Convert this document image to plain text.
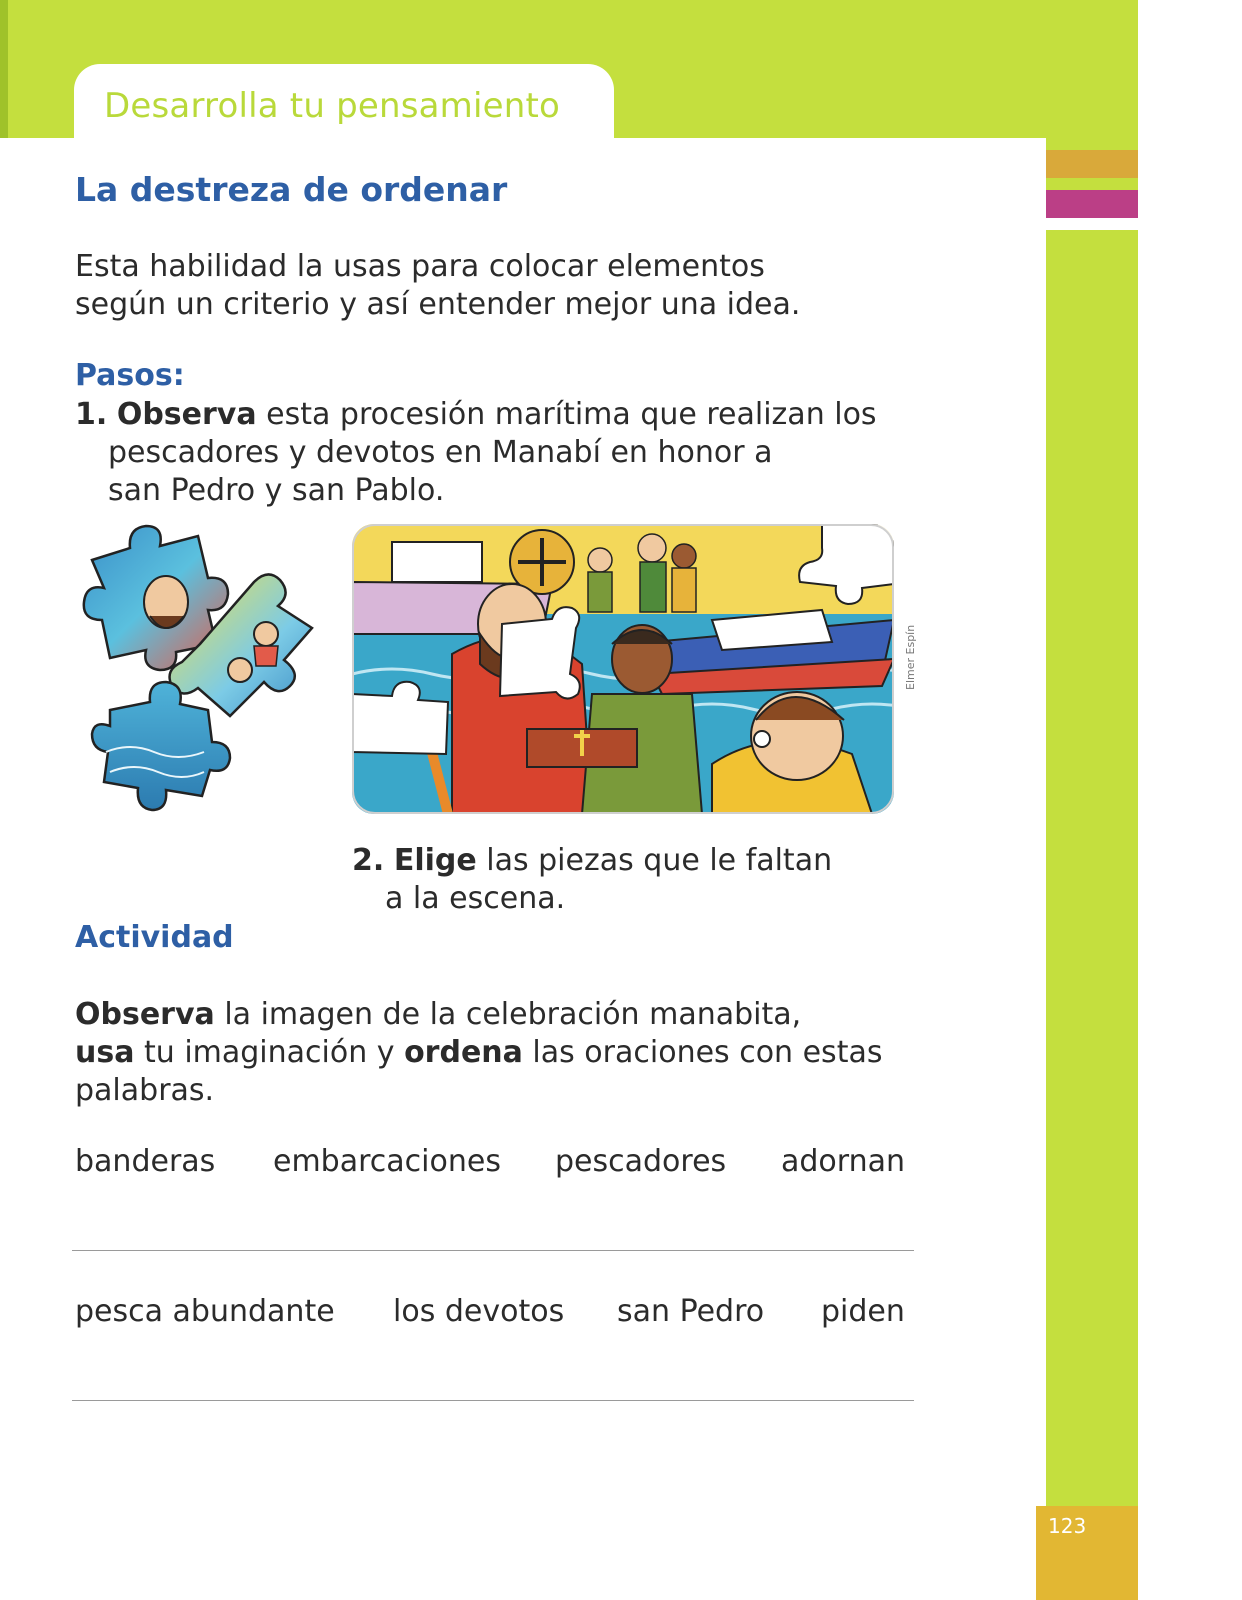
Desarrolla tu pensamiento
123
La destreza de ordenar
Esta habilidad la usas para colocar elementos
según un criterio y así entender mejor una idea.
Pasos:
1. Observa esta procesión marítima que realizan los
pescadores y devotos en Manabí en honor a
san Pedro y san Pablo.
Elmer Espín
2. Elige las piezas que le faltan
a la escena.
Actividad
Observa la imagen de la celebración manabita,
usa tu imaginación y ordena las oraciones con estas
palabras.
banderas embarcaciones pescadores adornan
pesca abundante los devotos san Pedro piden
